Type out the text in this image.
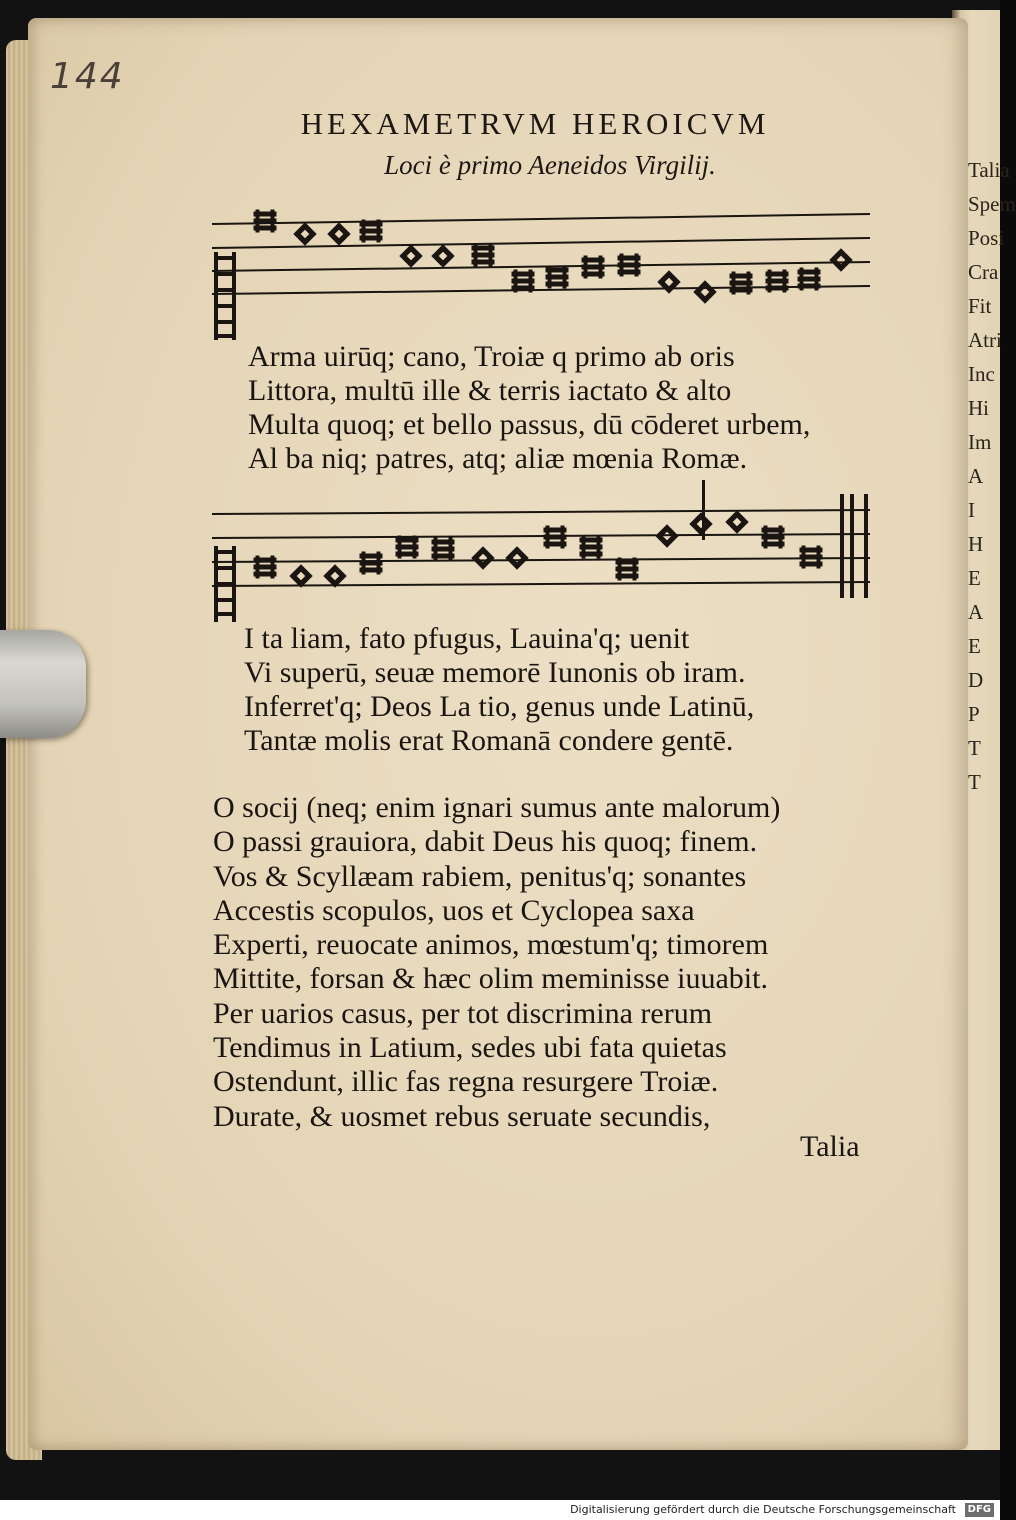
Talia
Spem
Posi
Cra
Fit
Atri
Inc
Hi
Im
A
I
H
E
A
E
D
P
T
T
144
HEXAMETRVM HEROICVM
Loci è primo Aeneidos Virgilij.
Arma uirūq; cano, Troiæ q primo ab oris
Littora, multū ille & terris iactato & alto
Multa quoq; et bello passus, dū cōderet urbem,
Al ba niq; patres, atq; aliæ mœnia Romæ.
I ta liam, fato pfugus, Lauina'q; uenit
Vi superū, seuæ memorē Iunonis ob iram.
Inferret'q; Deos La tio, genus unde Latinū,
Tantæ molis erat Romanā condere gentē.
O socij (neq; enim ignari sumus ante malorum)
O passi grauiora, dabit Deus his quoq; finem.
Vos & Scyllæam rabiem, penitus'q; sonantes
Accestis scopulos, uos et Cyclopea saxa
Experti, reuocate animos, mœstum'q; timorem
Mittite, forsan & hæc olim meminisse iuuabit.
Per uarios casus, per tot discrimina rerum
Tendimus in Latium, sedes ubi fata quietas
Ostendunt, illic fas regna resurgere Troiæ.
Durate, & uosmet rebus seruate secundis,
Talia
Digitalisierung gefördert durch die Deutsche Forschungsgemeinschaft	DFG
